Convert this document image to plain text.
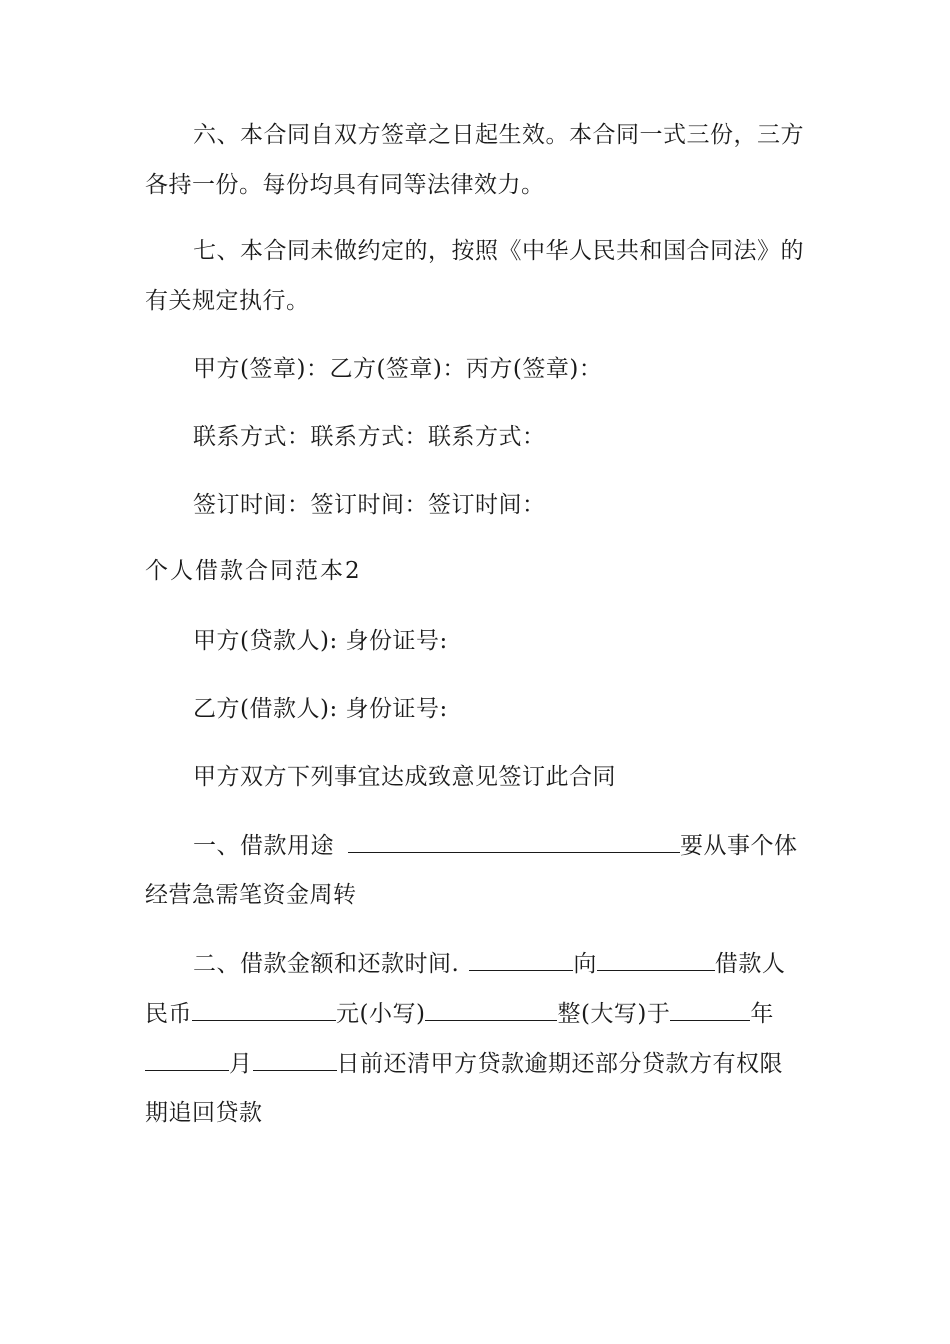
六、本合同自双方签章之日起生效。本合同一式三份，三方
各持一份。每份均具有同等法律效力。
七、本合同未做约定的，按照《中华人民共和国合同法》的
有关规定执行。
甲方(签章)：乙方(签章)：丙方(签章)：
联系方式：联系方式：联系方式：
签订时间：签订时间：签订时间：
个人借款合同范本2
甲方(贷款人): 身份证号:
乙方(借款人): 身份证号:
甲方双方下列事宜达成致意见签订此合同
一、借款用途	要从事个体
经营急需笔资金周转
二、借款金额和还款时间.	向	借款人
民币	元(小写)	整(大写)于	年
月	日前还清甲方贷款逾期还部分贷款方有权限
期追回贷款
